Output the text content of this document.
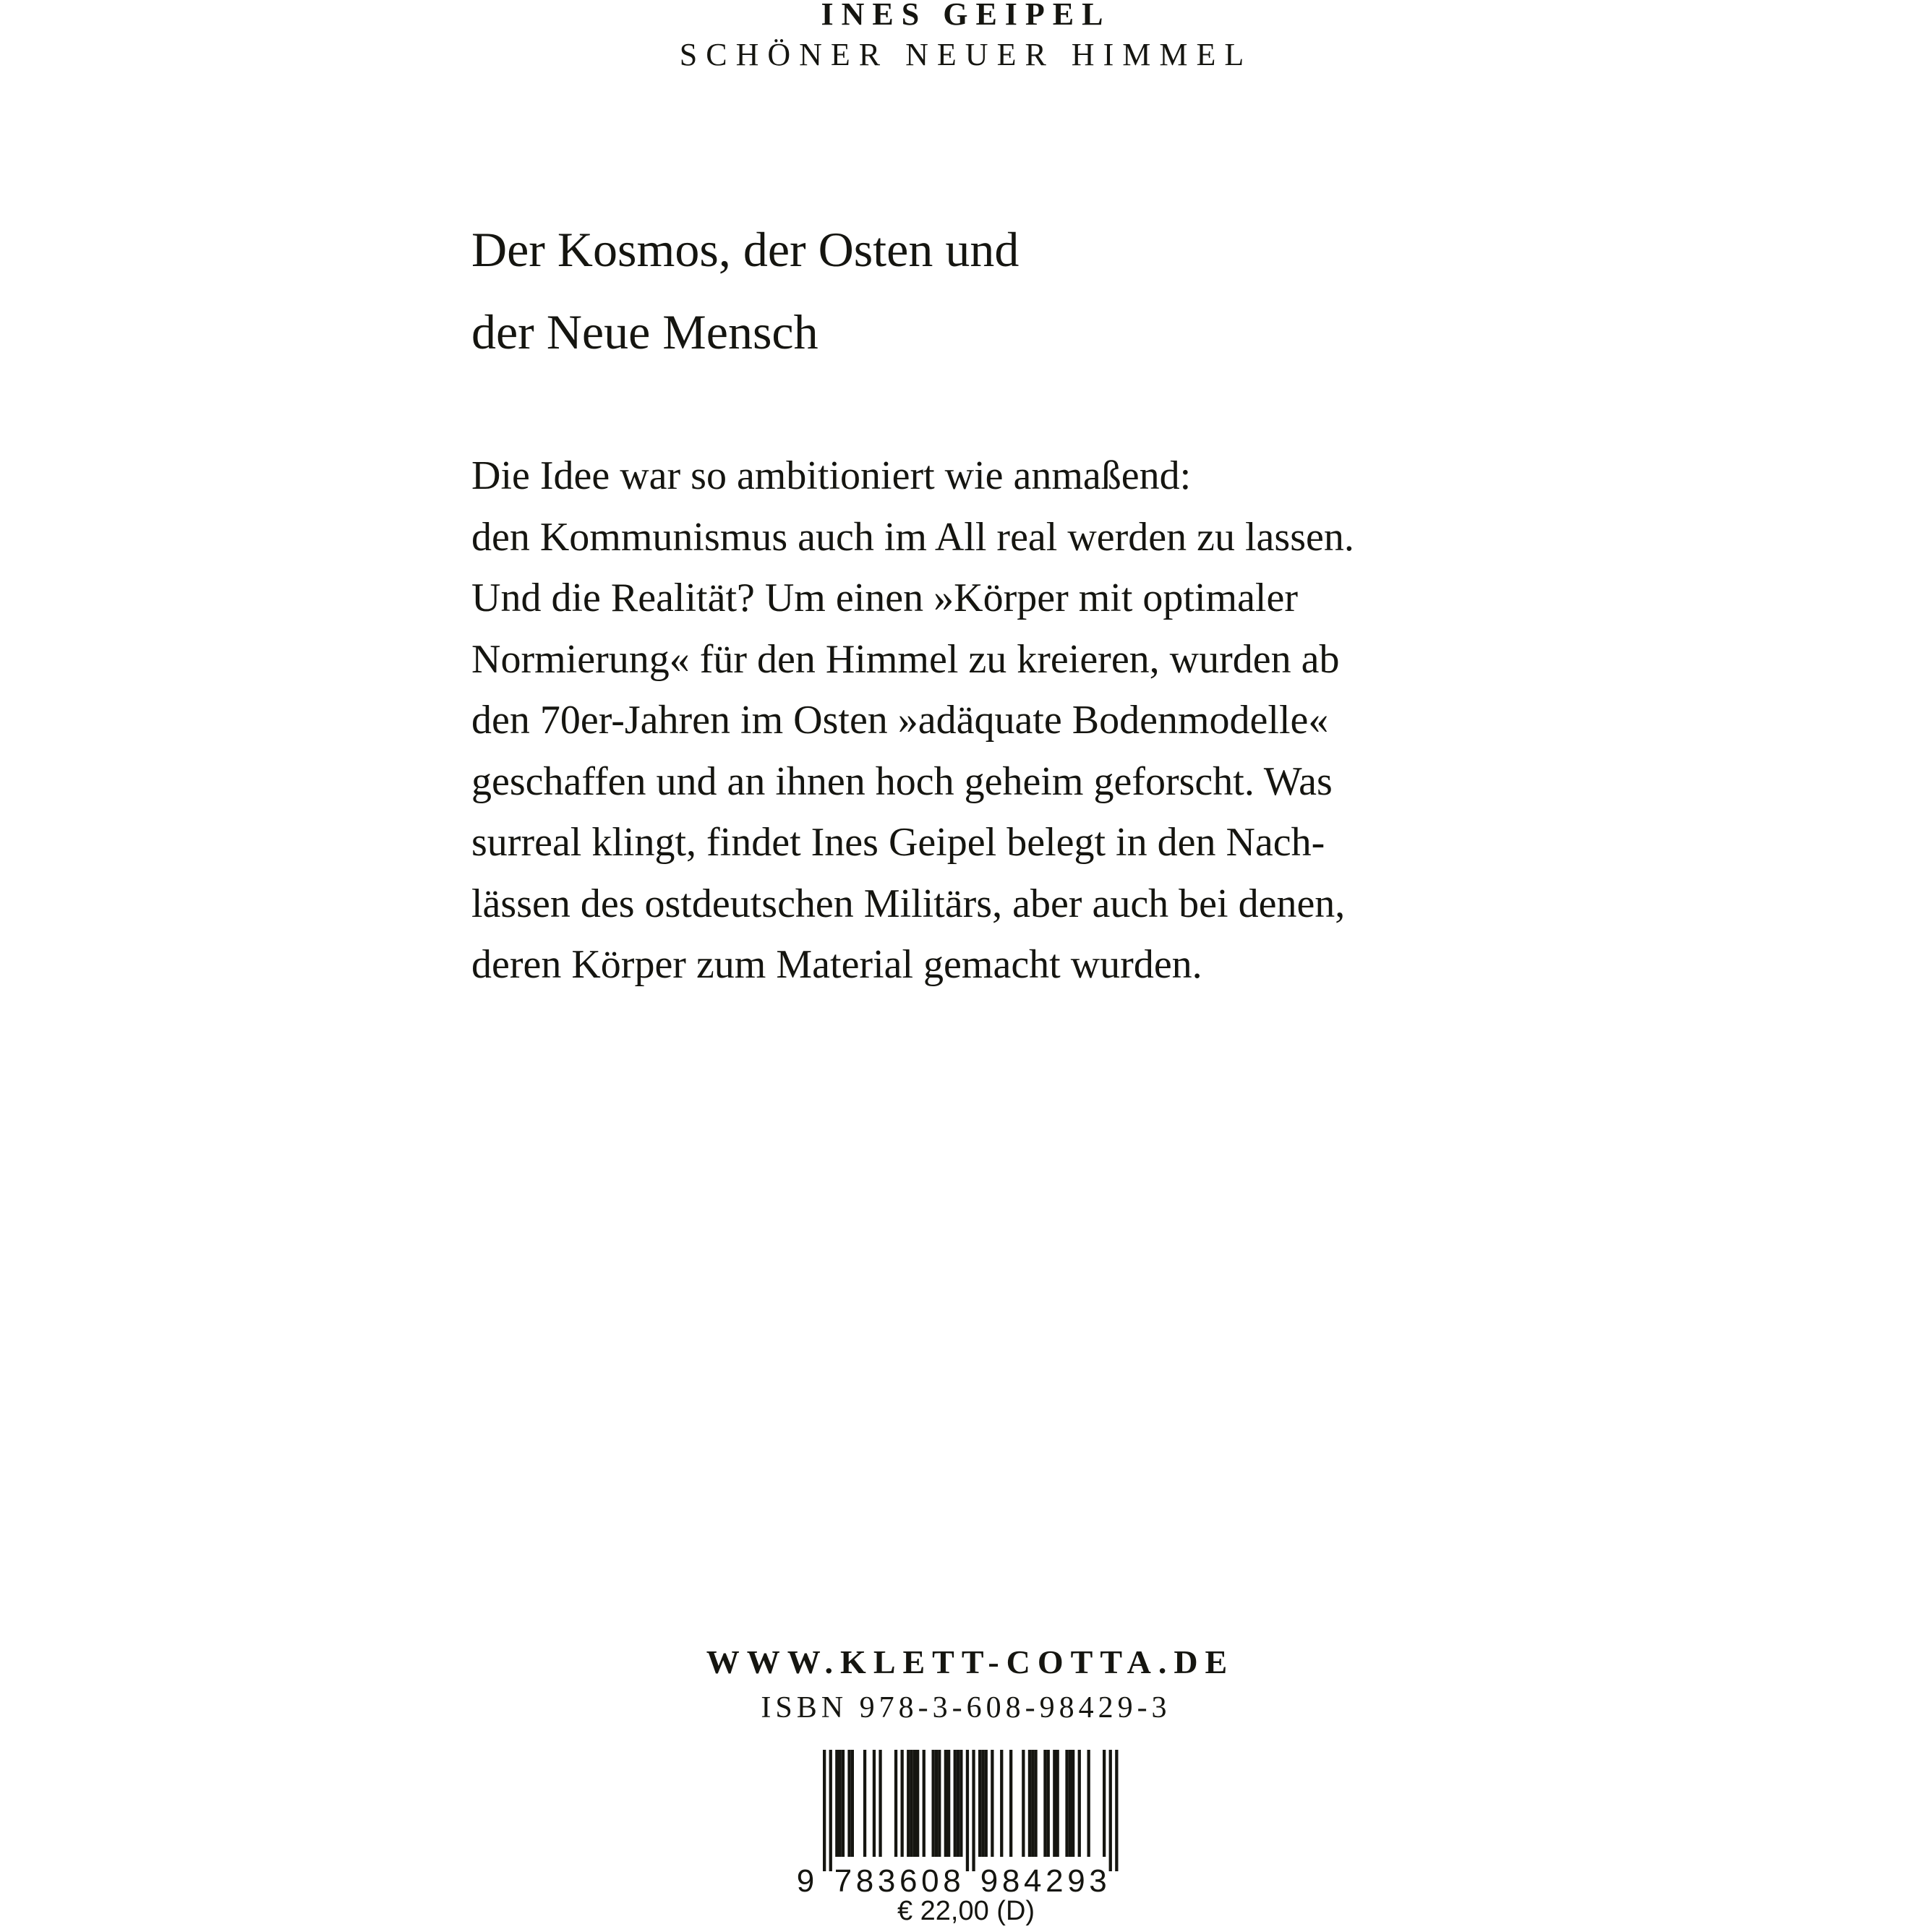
INES GEIPEL
SCHÖNER NEUER HIMMEL
Der Kosmos, der Osten und
der Neue Mensch
Die Idee war so ambitioniert wie anmaßend:
den Kommunismus auch im All real werden zu lassen.
Und die Realität? Um einen »Körper mit optimaler
Normierung« für den Himmel zu kreieren, wurden ab
den 70er-Jahren im Osten »adäquate Bodenmodelle«
geschaffen und an ihnen hoch geheim geforscht. Was
surreal klingt, findet Ines Geipel belegt in den Nach-
lässen des ostdeutschen Militärs, aber auch bei denen,
deren Körper zum Material gemacht wurden.
WWW.KLETT-COTTA.DE
ISBN 978-3-608-98429-3
9 7 8 3 6 0 8 9 8 4 2 9 3
€ 22,00 (D)
